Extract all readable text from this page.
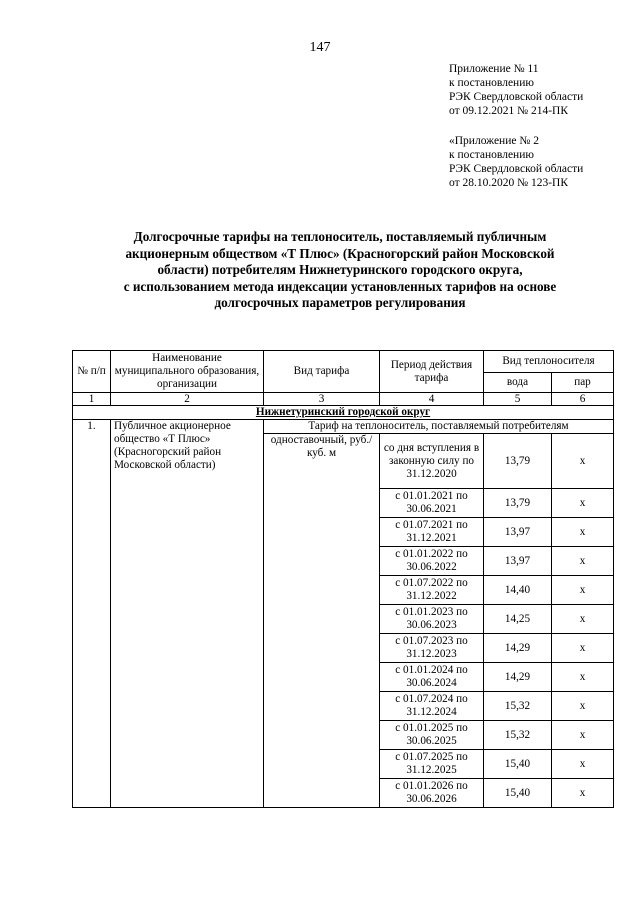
147
Приложение № 11
к постановлению
РЭК Свердловской области
от 09.12.2021 № 214-ПК
«Приложение № 2
к постановлению
РЭК Свердловской области
от 28.10.2020 № 123-ПК
Долгосрочные тарифы на теплоноситель, поставляемый публичным
акционерным обществом «Т Плюс» (Красногорский район Московской
области) потребителям Нижнетуринского городского округа,
с использованием метода индексации установленных тарифов на основе
долгосрочных параметров регулирования
№ п/п	Наименование муниципального образования, организации	Вид тарифа	Период действия тарифа	Вид теплоносителя	
				вода	пар
1	2	3	4	5	6
Нижнетуринский городской округ					
1.	Публичное акционерное общество «Т Плюс» (Красногорский район Московской области)	Тариф на теплоноситель, поставляемый потребителям			
		одноставочный, руб./куб. м	со дня вступления в законную силу по 31.12.2020	13,79	x
			с 01.01.2021 по 30.06.2021	13,79	x
			с 01.07.2021 по 31.12.2021	13,97	x
			с 01.01.2022 по 30.06.2022	13,97	x
			с 01.07.2022 по 31.12.2022	14,40	x
			с 01.01.2023 по 30.06.2023	14,25	x
			с 01.07.2023 по 31.12.2023	14,29	x
			с 01.01.2024 по 30.06.2024	14,29	x
			с 01.07.2024 по 31.12.2024	15,32	x
			с 01.01.2025 по 30.06.2025	15,32	x
			с 01.07.2025 по 31.12.2025	15,40	x
			с 01.01.2026 по 30.06.2026	15,40	x
